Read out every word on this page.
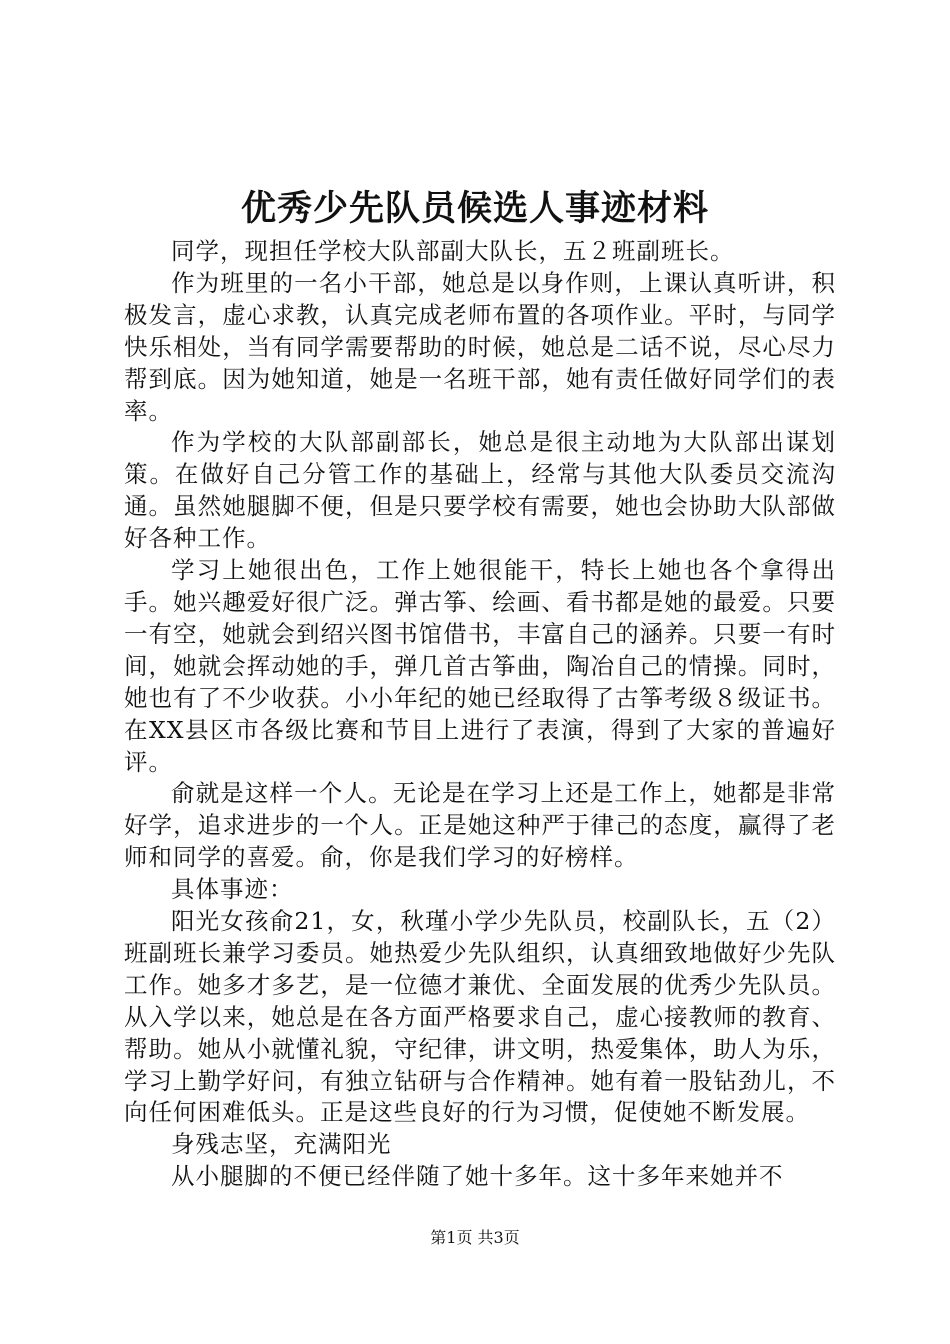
优秀少先队员候选人事迹材料

同学，现担任学校大队部副大队长，五２班副班长。

作为班里的一名小干部，她总是以身作则，上课认真听讲，积极发言，虚心求教，认真完成老师布置的各项作业。平时，与同学快乐相处，当有同学需要帮助的时候，她总是二话不说，尽心尽力帮到底。因为她知道，她是一名班干部，她有责任做好同学们的表率。

作为学校的大队部副部长，她总是很主动地为大队部出谋划策。在做好自己分管工作的基础上，经常与其他大队委员交流沟通。虽然她腿脚不便，但是只要学校有需要，她也会协助大队部做好各种工作。

学习上她很出色，工作上她很能干，特长上她也各个拿得出手。她兴趣爱好很广泛。弹古筝、绘画、看书都是她的最爱。只要一有空，她就会到绍兴图书馆借书，丰富自己的涵养。只要一有时间，她就会挥动她的手，弹几首古筝曲，陶冶自己的情操。同时，她也有了不少收获。小小年纪的她已经取得了古筝考级８级证书。在XX县区市各级比赛和节目上进行了表演，得到了大家的普遍好评。

俞就是这样一个人。无论是在学习上还是工作上，她都是非常好学，追求进步的一个人。正是她这种严于律己的态度，赢得了老师和同学的喜爱。俞，你是我们学习的好榜样。

具体事迹：

阳光女孩俞21，女，秋瑾小学少先队员，校副队长，五（2）班副班长兼学习委员。她热爱少先队组织，认真细致地做好少先队工作。她多才多艺，是一位德才兼优、全面发展的优秀少先队员。从入学以来，她总是在各方面严格要求自己，虚心接教师的教育、帮助。她从小就懂礼貌，守纪律，讲文明，热爱集体，助人为乐，学习上勤学好问，有独立钻研与合作精神。她有着一股钻劲儿，不向任何困难低头。正是这些良好的行为习惯，促使她不断发展。

身残志坚，充满阳光

从小腿脚的不便已经伴随了她十多年。这十多年来她并不

第1页 共3页
